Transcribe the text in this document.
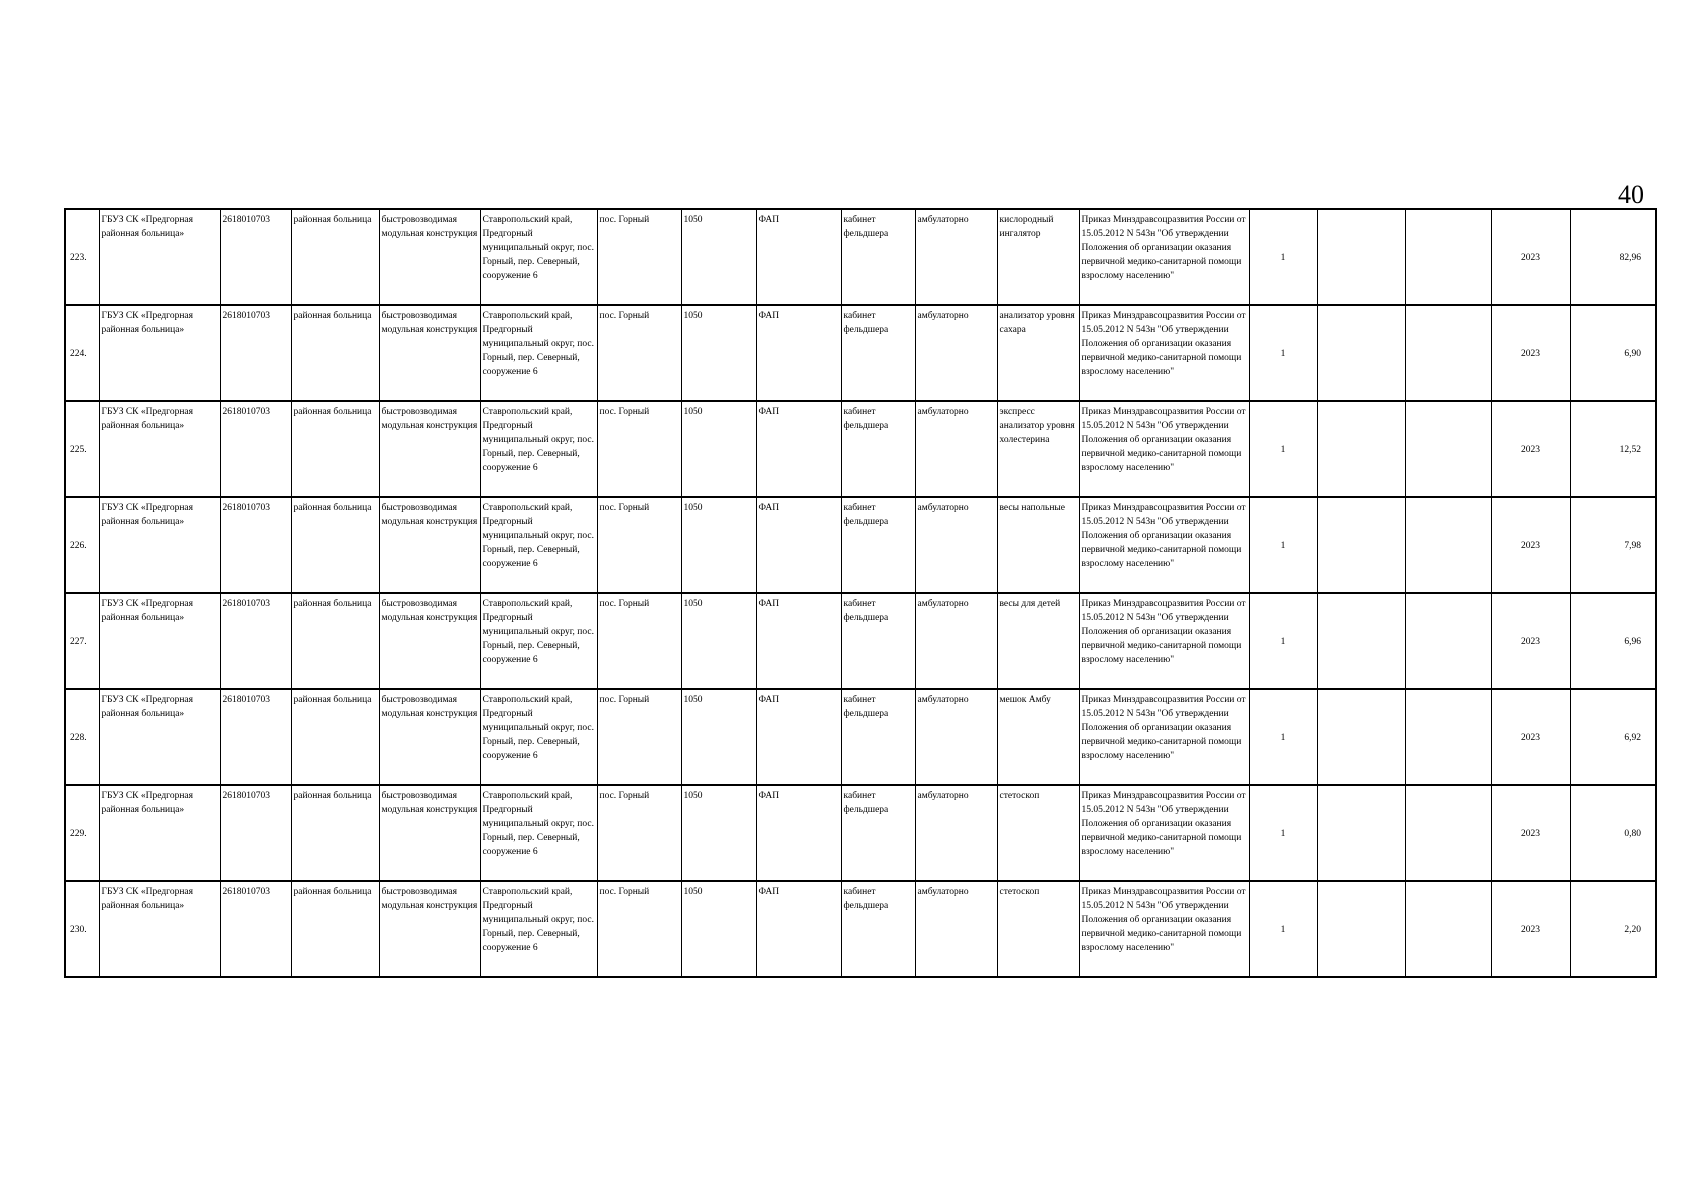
40
223.	ГБУЗ СК «Предгорная районная больница»	2618010703	районная больница	быстровозводимая модульная конструкция	Ставропольский край, Предгорный муниципальный округ, пос. Горный, пер. Северный, сооружение 6	пос. Горный	1050	ФАП	кабинет фельдшера	амбулаторно	кислородный ингалятор	Приказ Минздравсоцразвития России от 15.05.2012 N 543н "Об утверждении Положения об организации оказания первичной медико-санитарной помощи взрослому населению"	1			2023	82,96
224.	ГБУЗ СК «Предгорная районная больница»	2618010703	районная больница	быстровозводимая модульная конструкция	Ставропольский край, Предгорный муниципальный округ, пос. Горный, пер. Северный, сооружение 6	пос. Горный	1050	ФАП	кабинет фельдшера	амбулаторно	анализатор уровня сахара	Приказ Минздравсоцразвития России от 15.05.2012 N 543н "Об утверждении Положения об организации оказания первичной медико-санитарной помощи взрослому населению"	1			2023	6,90
225.	ГБУЗ СК «Предгорная районная больница»	2618010703	районная больница	быстровозводимая модульная конструкция	Ставропольский край, Предгорный муниципальный округ, пос. Горный, пер. Северный, сооружение 6	пос. Горный	1050	ФАП	кабинет фельдшера	амбулаторно	экспресс анализатор уровня холестерина	Приказ Минздравсоцразвития России от 15.05.2012 N 543н "Об утверждении Положения об организации оказания первичной медико-санитарной помощи взрослому населению"	1			2023	12,52
226.	ГБУЗ СК «Предгорная районная больница»	2618010703	районная больница	быстровозводимая модульная конструкция	Ставропольский край, Предгорный муниципальный округ, пос. Горный, пер. Северный, сооружение 6	пос. Горный	1050	ФАП	кабинет фельдшера	амбулаторно	весы напольные	Приказ Минздравсоцразвития России от 15.05.2012 N 543н "Об утверждении Положения об организации оказания первичной медико-санитарной помощи взрослому населению"	1			2023	7,98
227.	ГБУЗ СК «Предгорная районная больница»	2618010703	районная больница	быстровозводимая модульная конструкция	Ставропольский край, Предгорный муниципальный округ, пос. Горный, пер. Северный, сооружение 6	пос. Горный	1050	ФАП	кабинет фельдшера	амбулаторно	весы для детей	Приказ Минздравсоцразвития России от 15.05.2012 N 543н "Об утверждении Положения об организации оказания первичной медико-санитарной помощи взрослому населению"	1			2023	6,96
228.	ГБУЗ СК «Предгорная районная больница»	2618010703	районная больница	быстровозводимая модульная конструкция	Ставропольский край, Предгорный муниципальный округ, пос. Горный, пер. Северный, сооружение 6	пос. Горный	1050	ФАП	кабинет фельдшера	амбулаторно	мешок Амбу	Приказ Минздравсоцразвития России от 15.05.2012 N 543н "Об утверждении Положения об организации оказания первичной медико-санитарной помощи взрослому населению"	1			2023	6,92
229.	ГБУЗ СК «Предгорная районная больница»	2618010703	районная больница	быстровозводимая модульная конструкция	Ставропольский край, Предгорный муниципальный округ, пос. Горный, пер. Северный, сооружение 6	пос. Горный	1050	ФАП	кабинет фельдшера	амбулаторно	стетоскоп	Приказ Минздравсоцразвития России от 15.05.2012 N 543н "Об утверждении Положения об организации оказания первичной медико-санитарной помощи взрослому населению"	1			2023	0,80
230.	ГБУЗ СК «Предгорная районная больница»	2618010703	районная больница	быстровозводимая модульная конструкция	Ставропольский край, Предгорный муниципальный округ, пос. Горный, пер. Северный, сооружение 6	пос. Горный	1050	ФАП	кабинет фельдшера	амбулаторно	стетоскоп	Приказ Минздравсоцразвития России от 15.05.2012 N 543н "Об утверждении Положения об организации оказания первичной медико-санитарной помощи взрослому населению"	1			2023	2,20
